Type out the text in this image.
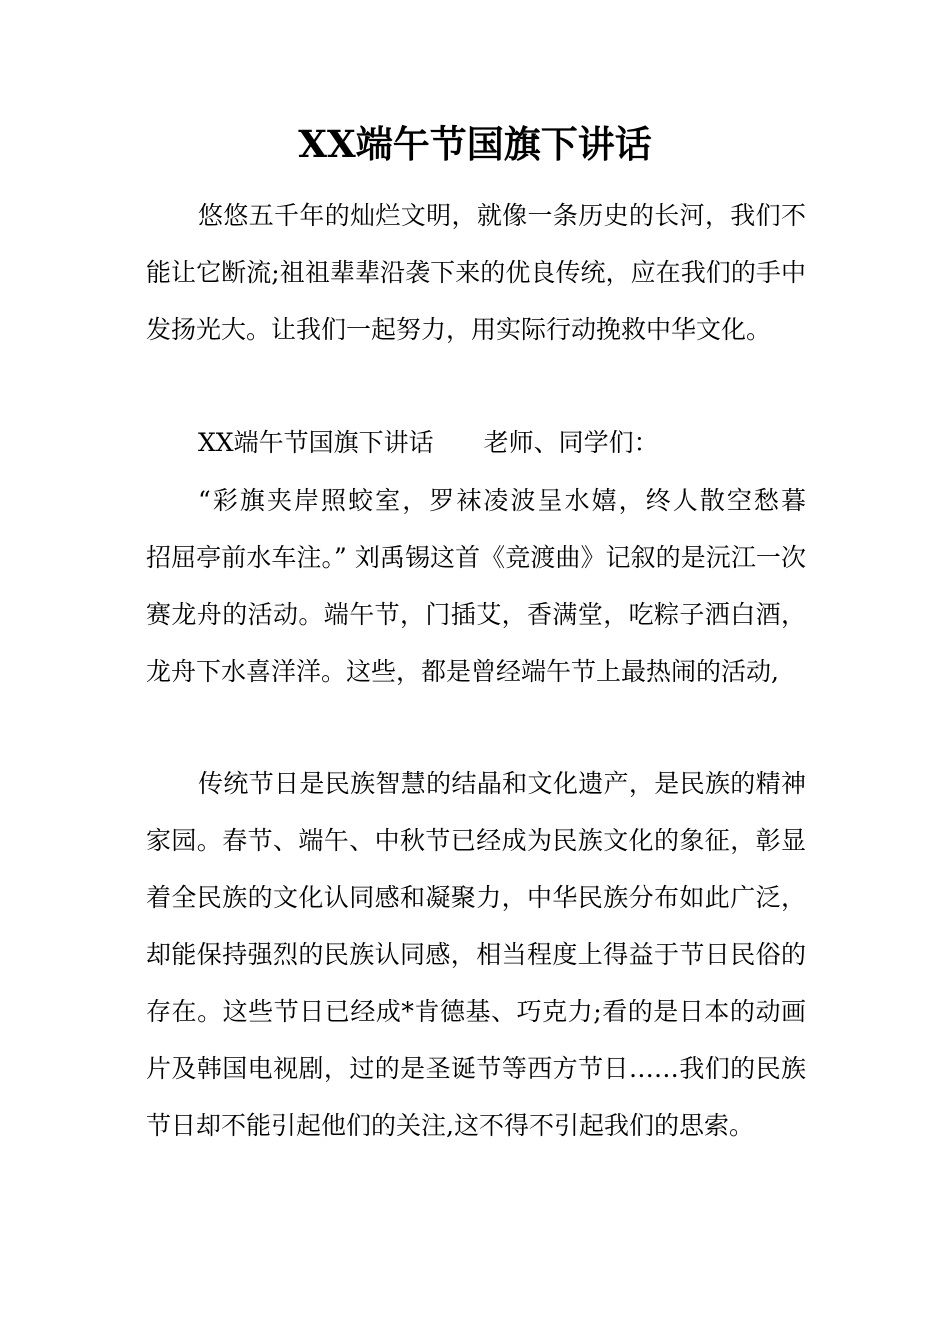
XX端午节国旗下讲话

悠悠五千年的灿烂文明，就像一条历史的长河，我们不能让它断流;祖祖辈辈沿袭下来的优良传统，应在我们的手中发扬光大。让我们一起努力，用实际行动挽救中华文化。

XX端午节国旗下讲话　　老师、同学们：

“彩旗夹岸照蛟室，罗袜凌波呈水嬉，终人散空愁暮　招屈亭前水车注。” 刘禹锡这首《竞渡曲》记叙的是沅江一次赛龙舟的活动。端午节，门插艾，香满堂，吃粽子洒白酒，龙舟下水喜洋洋。这些，都是曾经端午节上最热闹的活动,

传统节日是民族智慧的结晶和文化遗产，是民族的精神家园。春节、端午、中秋节已经成为民族文化的象征，彰显着全民族的文化认同感和凝聚力，中华民族分布如此广泛，却能保持强烈的民族认同感，相当程度上得益于节日民俗的存在。这些节日已经成*肯德基、巧克力;看的是日本的动画片及韩国电视剧，过的是圣诞节等西方节日……我们的民族节日却不能引起他们的关注,这不得不引起我们的思索。
